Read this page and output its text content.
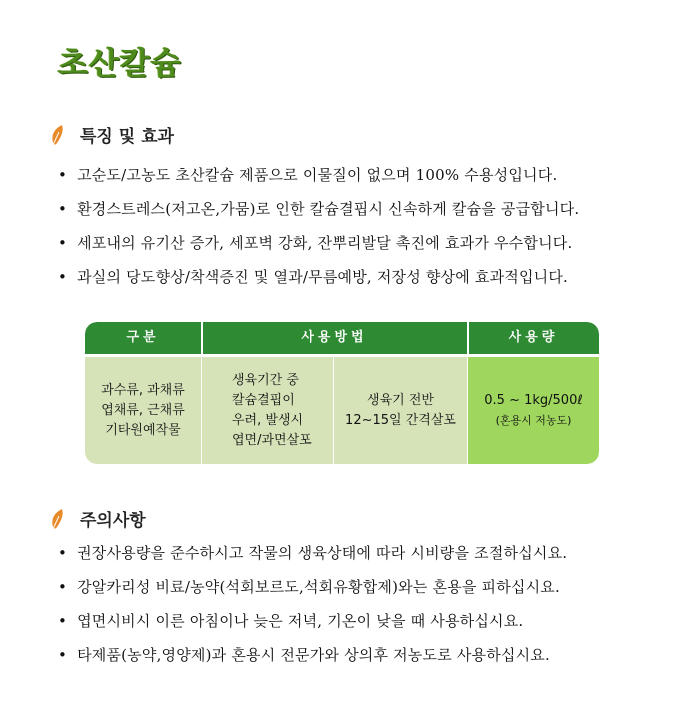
초산칼슘
특징 및 효과
• 고순도/고농도 초산칼슘 제품으로 이물질이 없으며 100% 수용성입니다.
• 환경스트레스(저고온,가뭄)로 인한 칼슘결핍시 신속하게 칼슘을 공급합니다.
• 세포내의 유기산 증가, 세포벽 강화, 잔뿌리발달 촉진에 효과가 우수합니다.
• 과실의 당도향상/착색증진 및 열과/무름예방, 저장성 향상에 효과적입니다.
구분	사용방법	사용량
과수류, 과채류
엽채류, 근채류
기타원예작물
생육기간 중
칼슘결핍이
우려, 발생시
엽면/과면살포
생육기 전반
12~15일 간격살포
0.5 ~ 1kg/500ℓ
(혼용시 저농도)
주의사항
• 권장사용량을 준수하시고 작물의 생육상태에 따라 시비량을 조절하십시요.
• 강알카리성 비료/농약(석회보르도,석회유황합제)와는 혼용을 피하십시요.
• 엽면시비시 이른 아침이나 늦은 저녁, 기온이 낮을 때 사용하십시요.
• 타제품(농약,영양제)과 혼용시 전문가와 상의후 저농도로 사용하십시요.
